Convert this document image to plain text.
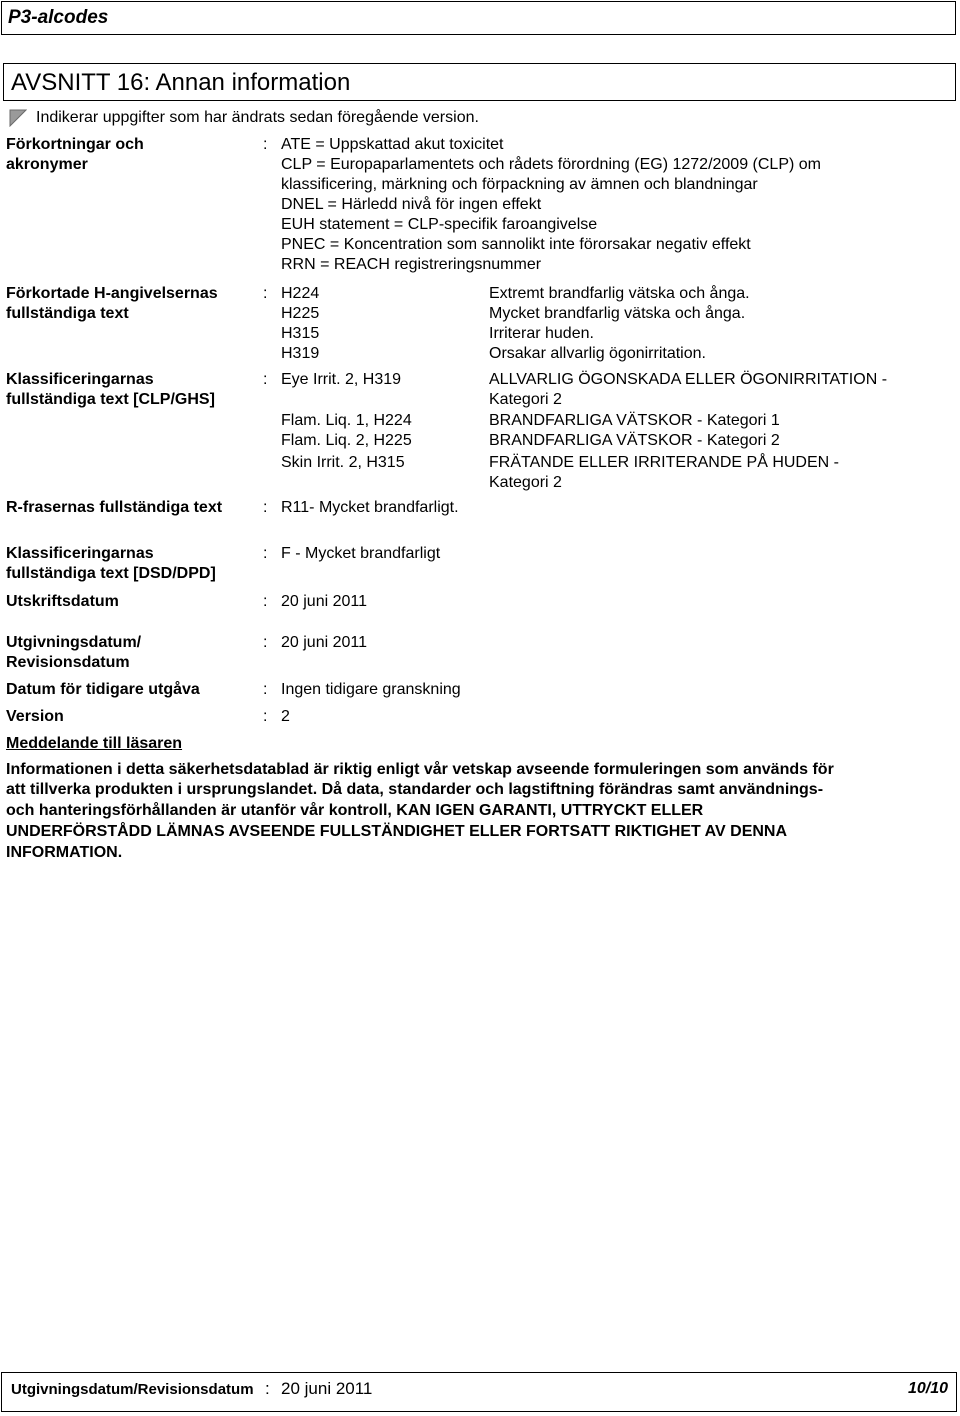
P3-alcodes
AVSNITT 16: Annan information
Indikerar uppgifter som har ändrats sedan föregående version.
Förkortningar och
akronymer
: ATE = Uppskattad akut toxicitet
CLP = Europaparlamentets och rådets förordning (EG) 1272/2009 (CLP) om
klassificering, märkning och förpackning av ämnen och blandningar
DNEL = Härledd nivå för ingen effekt
EUH statement = CLP-specifik faroangivelse
PNEC = Koncentration som sannolikt inte förorsakar negativ effekt
RRN = REACH registreringsnummer
Förkortade H-angivelsernas
fullständiga text
: H224	Extremt brandfarlig vätska och ånga.
H225	Mycket brandfarlig vätska och ånga.
H315	Irriterar huden.
H319	Orsakar allvarlig ögonirritation.
Klassificeringarnas
fullständiga text [CLP/GHS]
: Eye Irrit. 2, H319	ALLVARLIG ÖGONSKADA ELLER ÖGONIRRITATION -
Kategori 2
Flam. Liq. 1, H224	BRANDFARLIGA VÄTSKOR - Kategori 1
Flam. Liq. 2, H225	BRANDFARLIGA VÄTSKOR - Kategori 2
Skin Irrit. 2, H315	FRÄTANDE ELLER IRRITERANDE PÅ HUDEN -
Kategori 2
R-frasernas fullständiga text	: R11- Mycket brandfarligt.
Klassificeringarnas
fullständiga text [DSD/DPD]
: F - Mycket brandfarligt
Utskriftsdatum	: 20 juni 2011
Utgivningsdatum/
Revisionsdatum
: 20 juni 2011
Datum för tidigare utgåva	: Ingen tidigare granskning
Version	: 2
Meddelande till läsaren
Informationen i detta säkerhetsdatablad är riktig enligt vår vetskap avseende formuleringen som används för
att tillverka produkten i ursprungslandet. Då data, standarder och lagstiftning förändras samt användnings-
och hanteringsförhållanden är utanför vår kontroll, KAN IGEN GARANTI, UTTRYCKT ELLER
UNDERFÖRSTÅDD LÄMNAS AVSEENDE FULLSTÄNDIGHET ELLER FORTSATT RIKTIGHET AV DENNA
INFORMATION.
Utgivningsdatum/Revisionsdatum : 20 juni 2011	10/10
